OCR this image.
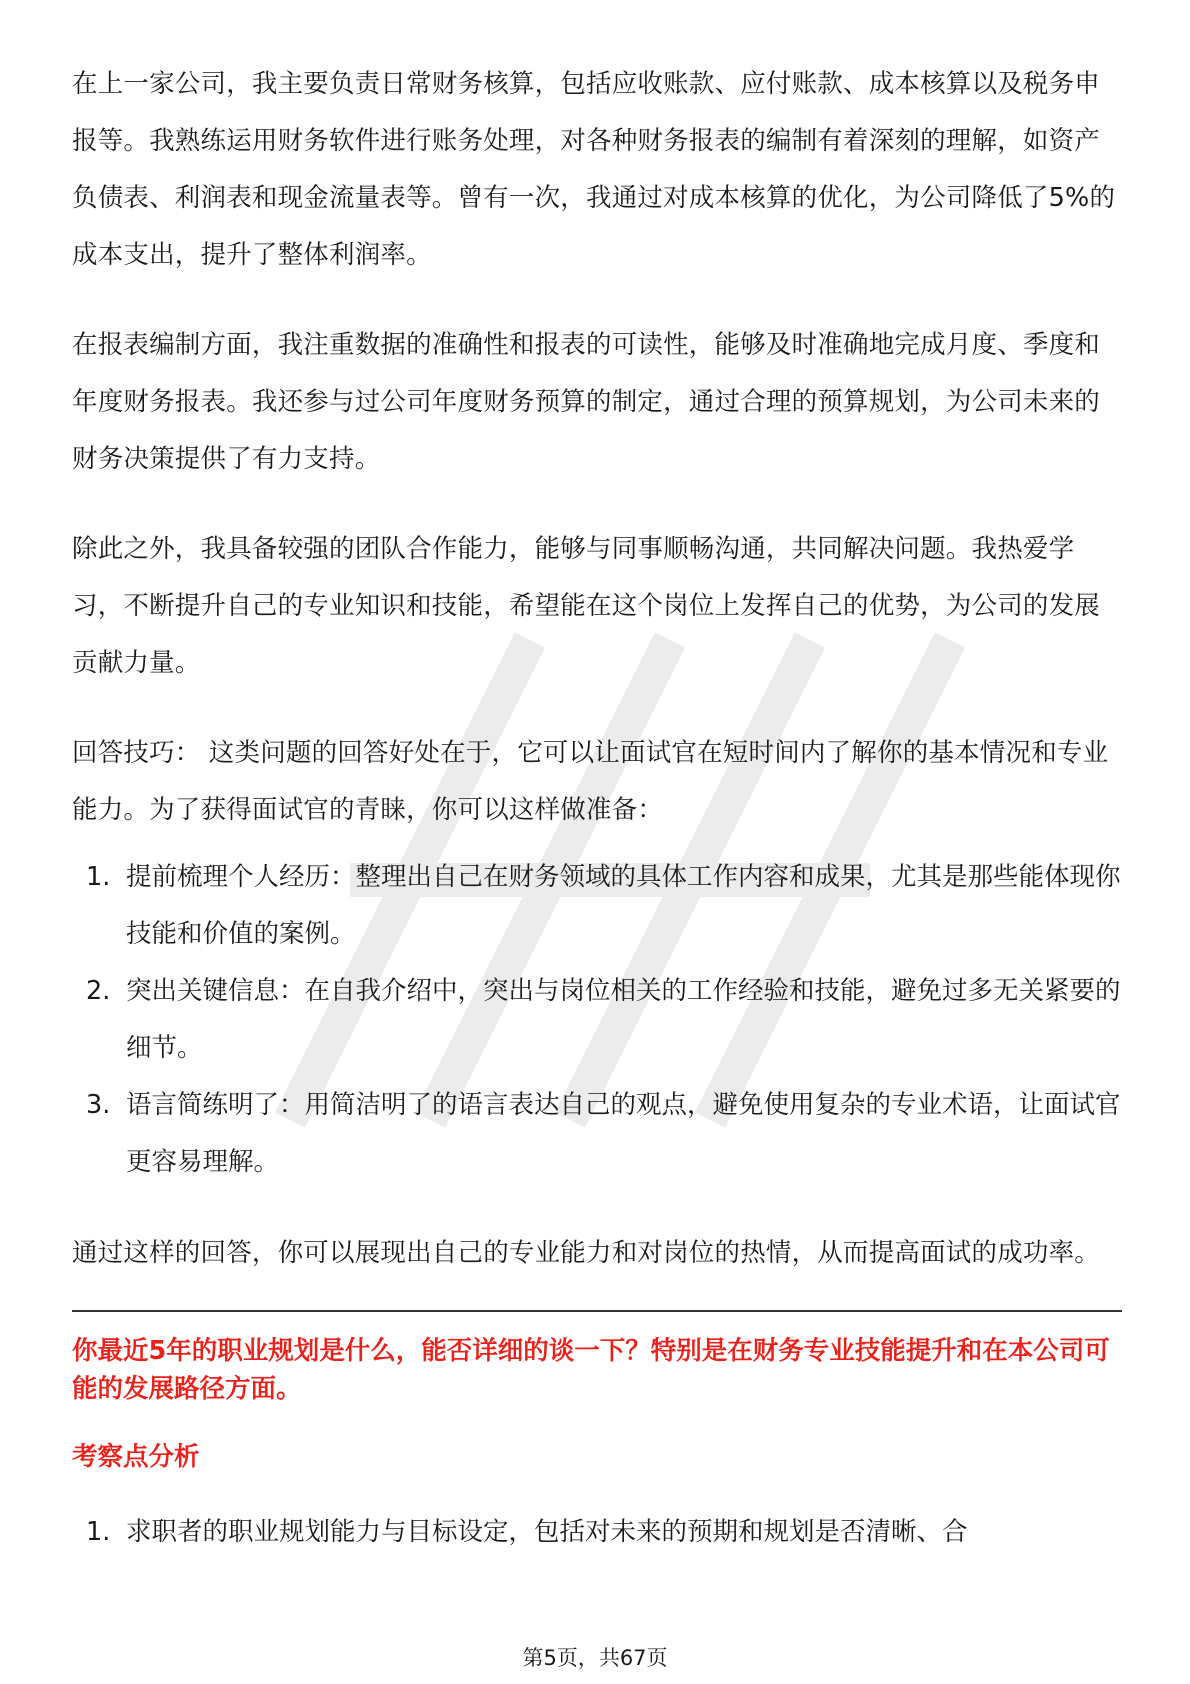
在上一家公司，我主要负责日常财务核算，包括应收账款、应付账款、成本核算以及税务申报等。我熟练运用财务软件进行账务处理，对各种财务报表的编制有着深刻的理解，如资产负债表、利润表和现金流量表等。曾有一次，我通过对成本核算的优化，为公司降低了5%的成本支出，提升了整体利润率。

在报表编制方面，我注重数据的准确性和报表的可读性，能够及时准确地完成月度、季度和年度财务报表。我还参与过公司年度财务预算的制定，通过合理的预算规划，为公司未来的财务决策提供了有力支持。

除此之外，我具备较强的团队合作能力，能够与同事顺畅沟通，共同解决问题。我热爱学习，不断提升自己的专业知识和技能，希望能在这个岗位上发挥自己的优势，为公司的发展贡献力量。

回答技巧： 这类问题的回答好处在于，它可以让面试官在短时间内了解你的基本情况和专业能力。为了获得面试官的青睐，你可以这样做准备：

1. 提前梳理个人经历：整理出自己在财务领域的具体工作内容和成果，尤其是那些能体现你技能和价值的案例。
2. 突出关键信息：在自我介绍中，突出与岗位相关的工作经验和技能，避免过多无关紧要的细节。
3. 语言简练明了：用简洁明了的语言表达自己的观点，避免使用复杂的专业术语，让面试官更容易理解。

通过这样的回答，你可以展现出自己的专业能力和对岗位的热情，从而提高面试的成功率。

你最近5年的职业规划是什么，能否详细的谈一下？特别是在财务专业技能提升和在本公司可能的发展路径方面。
考察点分析
1. 求职者的职业规划能力与目标设定，包括对未来的预期和规划是否清晰、合
第5页，共67页
